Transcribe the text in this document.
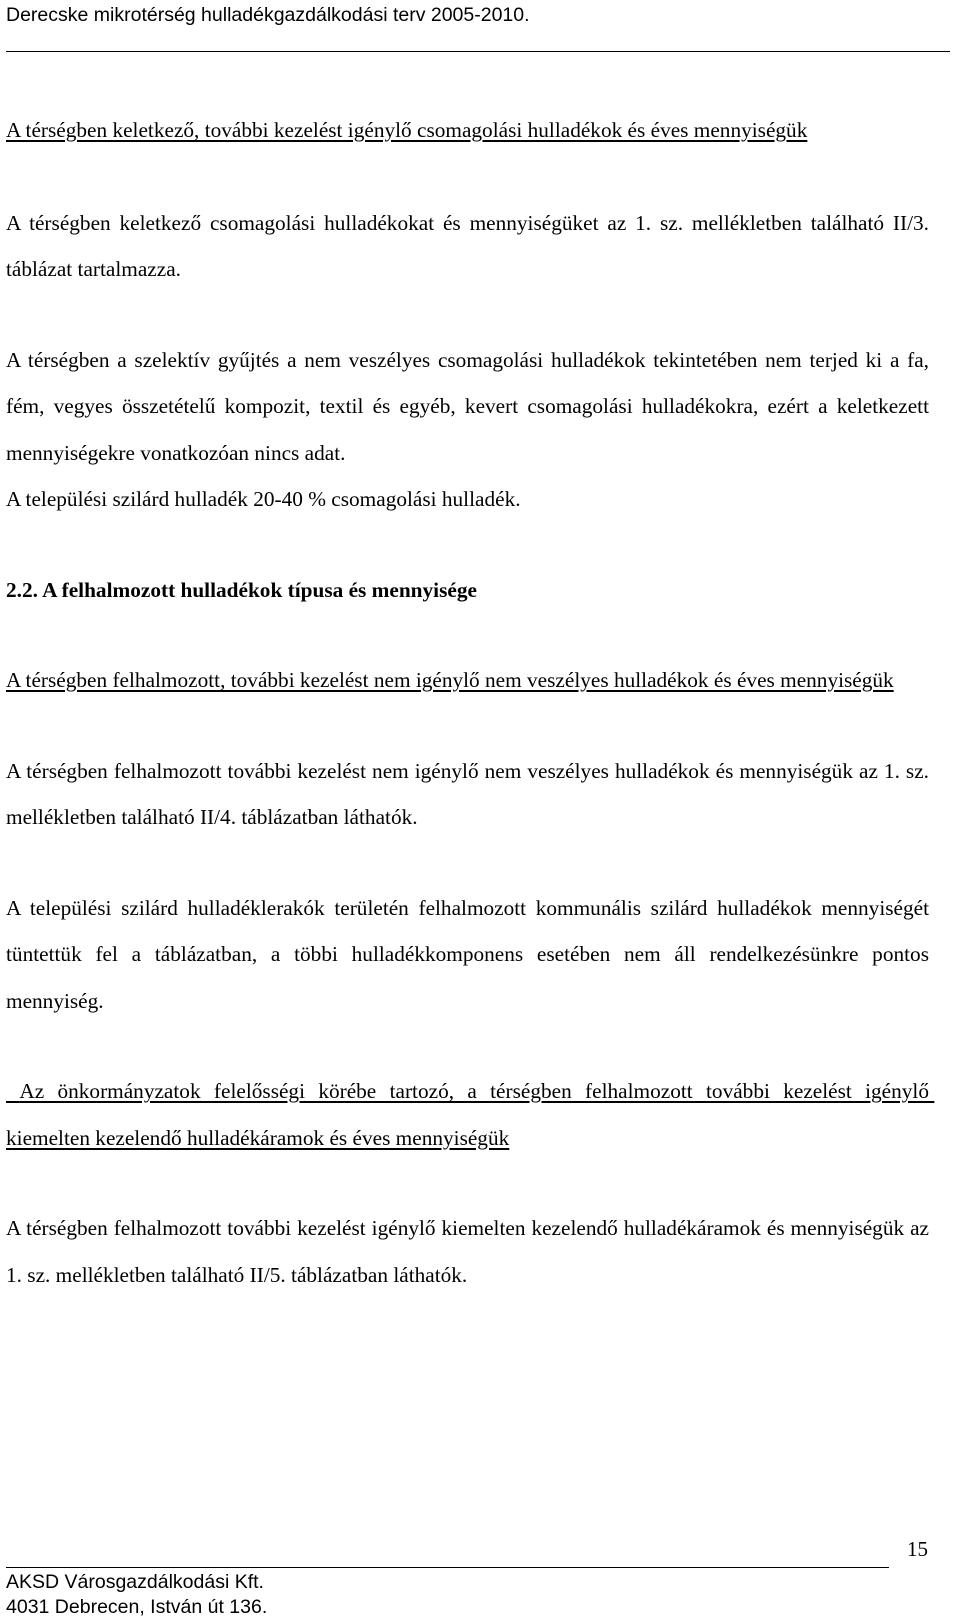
Derecske mikrotérség hulladékgazdálkodási terv 2005-2010.

A térségben keletkező, további kezelést igénylő csomagolási hulladékok és éves mennyiségük

A térségben keletkező csomagolási hulladékokat és mennyiségüket az 1. sz. mellékletben található II/3. táblázat tartalmazza.

A térségben a szelektív gyűjtés a nem veszélyes csomagolási hulladékok tekintetében nem terjed ki a fa, fém, vegyes összetételű kompozit, textil és egyéb, kevert csomagolási hulladékokra, ezért a keletkezett mennyiségekre vonatkozóan nincs adat.

A települési szilárd hulladék 20-40 % csomagolási hulladék.

2.2. A felhalmozott hulladékok típusa és mennyisége

A térségben felhalmozott, további kezelést nem igénylő nem veszélyes hulladékok és éves mennyiségük

A térségben felhalmozott további kezelést nem igénylő nem veszélyes hulladékok és mennyiségük az 1. sz. mellékletben található II/4. táblázatban láthatók.

A települési szilárd hulladéklerakók területén felhalmozott kommunális szilárd hulladékok mennyiségét tüntettük fel a táblázatban, a többi hulladékkomponens esetében nem áll rendelkezésünkre pontos mennyiség.

Az önkormányzatok felelősségi körébe tartozó, a térségben felhalmozott további kezelést igénylő kiemelten kezelendő hulladékáramok és éves mennyiségük

A térségben felhalmozott további kezelést igénylő kiemelten kezelendő hulladékáramok és mennyiségük az 1. sz. mellékletben található II/5. táblázatban láthatók.

15
AKSD Városgazdálkodási Kft.
4031 Debrecen, István út 136.
